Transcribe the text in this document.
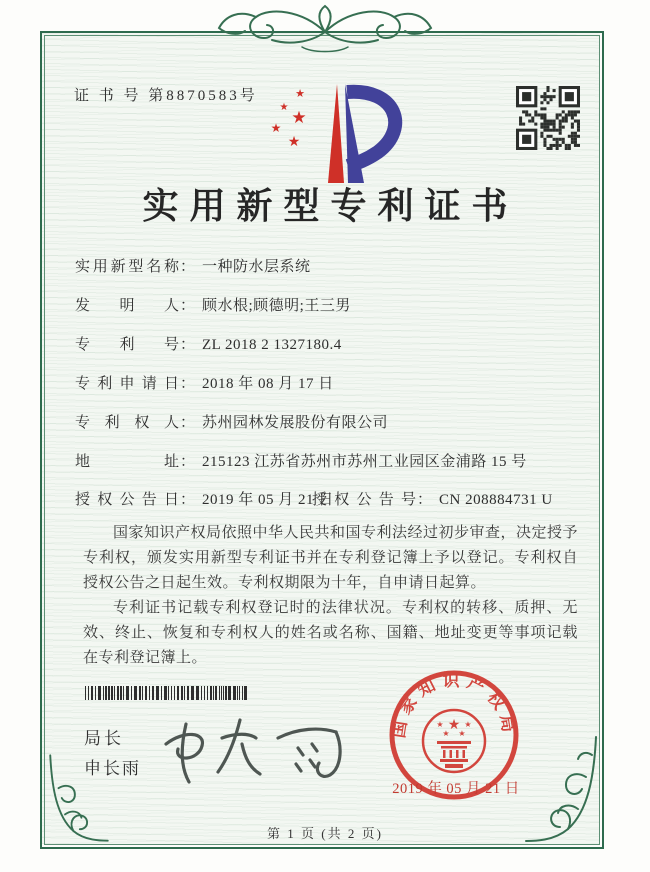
证 书 号 第8870583号	★
★
★
★
★
实用新型专利证书
实用新型名称： 一种防水层系统
发明人： 顾水根;顾德明;王三男
专利号： ZL 2018 2 1327180.4
专利申请日： 2018 年 08 月 17 日
专利权人： 苏州园林发展股份有限公司
地址： 215123 江苏省苏州市苏州工业园区金浦路 15 号
授权公告日： 2019 年 05 月 21 日
授权公告号： CN 208884731 U

国家知识产权局依照中华人民共和国专利法经过初步审查，决定授予专利权，颁发实用新型专利证书并在专利登记簿上予以登记。专利权自授权公告之日起生效。专利权期限为十年，自申请日起算。

专利证书记载专利权登记时的法律状况。专利权的转移、质押、无效、终止、恢复和专利权人的姓名或名称、国籍、地址变更等事项记载在专利登记簿上。

局长
申长雨
国家知识产权局
★
★	★
★ ★
2019 年 05 月 21 日
第 1 页 (共 2 页)
